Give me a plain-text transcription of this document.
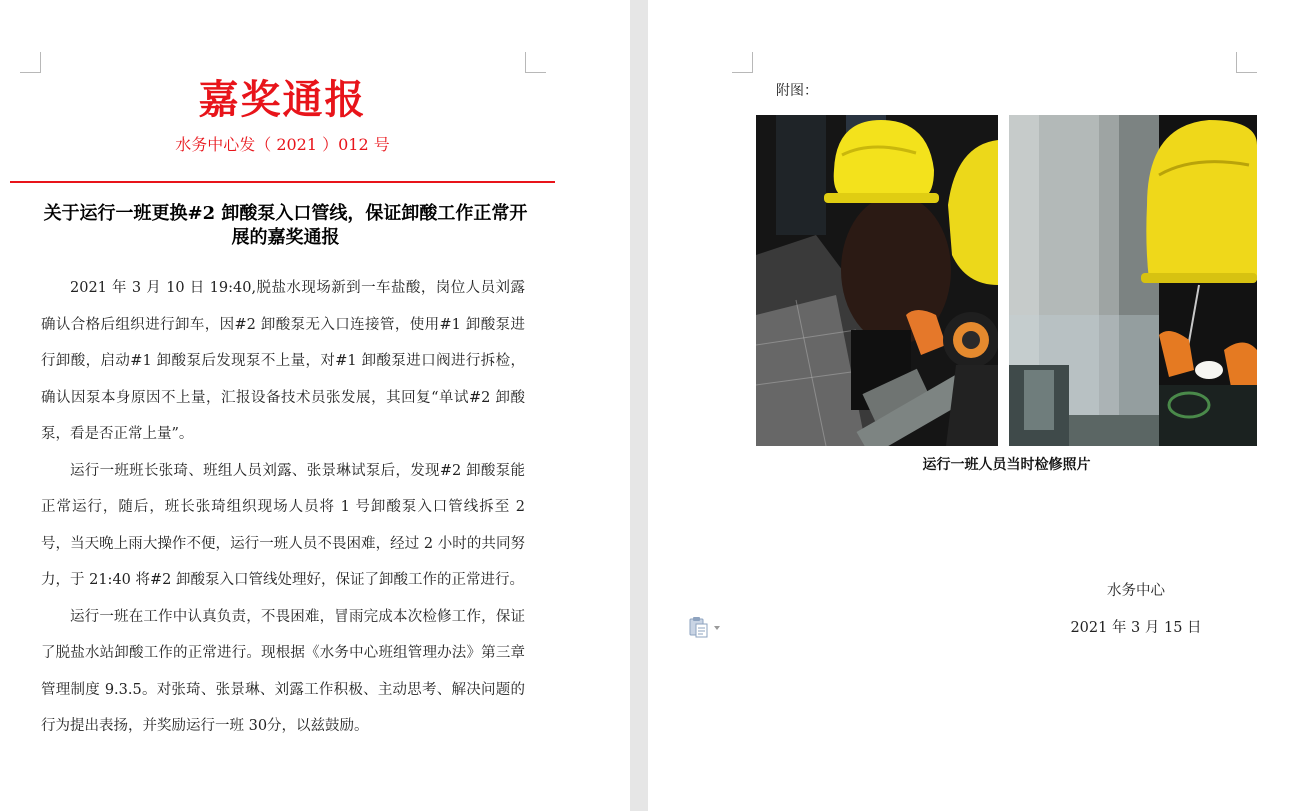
嘉奖通报
水务中心发（ 2021 ）012 号
关于运行一班更换#2 卸酸泵入口管线，保证卸酸工作正常开展的嘉奖通报

2021 年 3 月 10 日 19:40,脱盐水现场新到一车盐酸，岗位人员刘露确认合格后组织进行卸车，因#2 卸酸泵无入口连接管，使用#1 卸酸泵进行卸酸，启动#1 卸酸泵后发现泵不上量，对#1 卸酸泵进口阀进行拆检，确认因泵本身原因不上量，汇报设备技术员张发展，其回复“单试#2 卸酸泵，看是否正常上量”。

运行一班班长张琦、班组人员刘露、张景琳试泵后，发现#2 卸酸泵能正常运行，随后，班长张琦组织现场人员将 1 号卸酸泵入口管线拆至 2 号，当天晚上雨大操作不便，运行一班人员不畏困难，经过 2 小时的共同努力，于 21:40 将#2 卸酸泵入口管线处理好，保证了卸酸工作的正常进行。

运行一班在工作中认真负责，不畏困难，冒雨完成本次检修工作，保证了脱盐水站卸酸工作的正常进行。现根据《水务中心班组管理办法》第三章管理制度 9.3.5。对张琦、张景琳、刘露工作积极、主动思考、解决问题的行为提出表扬，并奖励运行一班 30分，以兹鼓励。

附图：
运行一班人员当时检修照片
水务中心
2021 年 3 月 15 日
